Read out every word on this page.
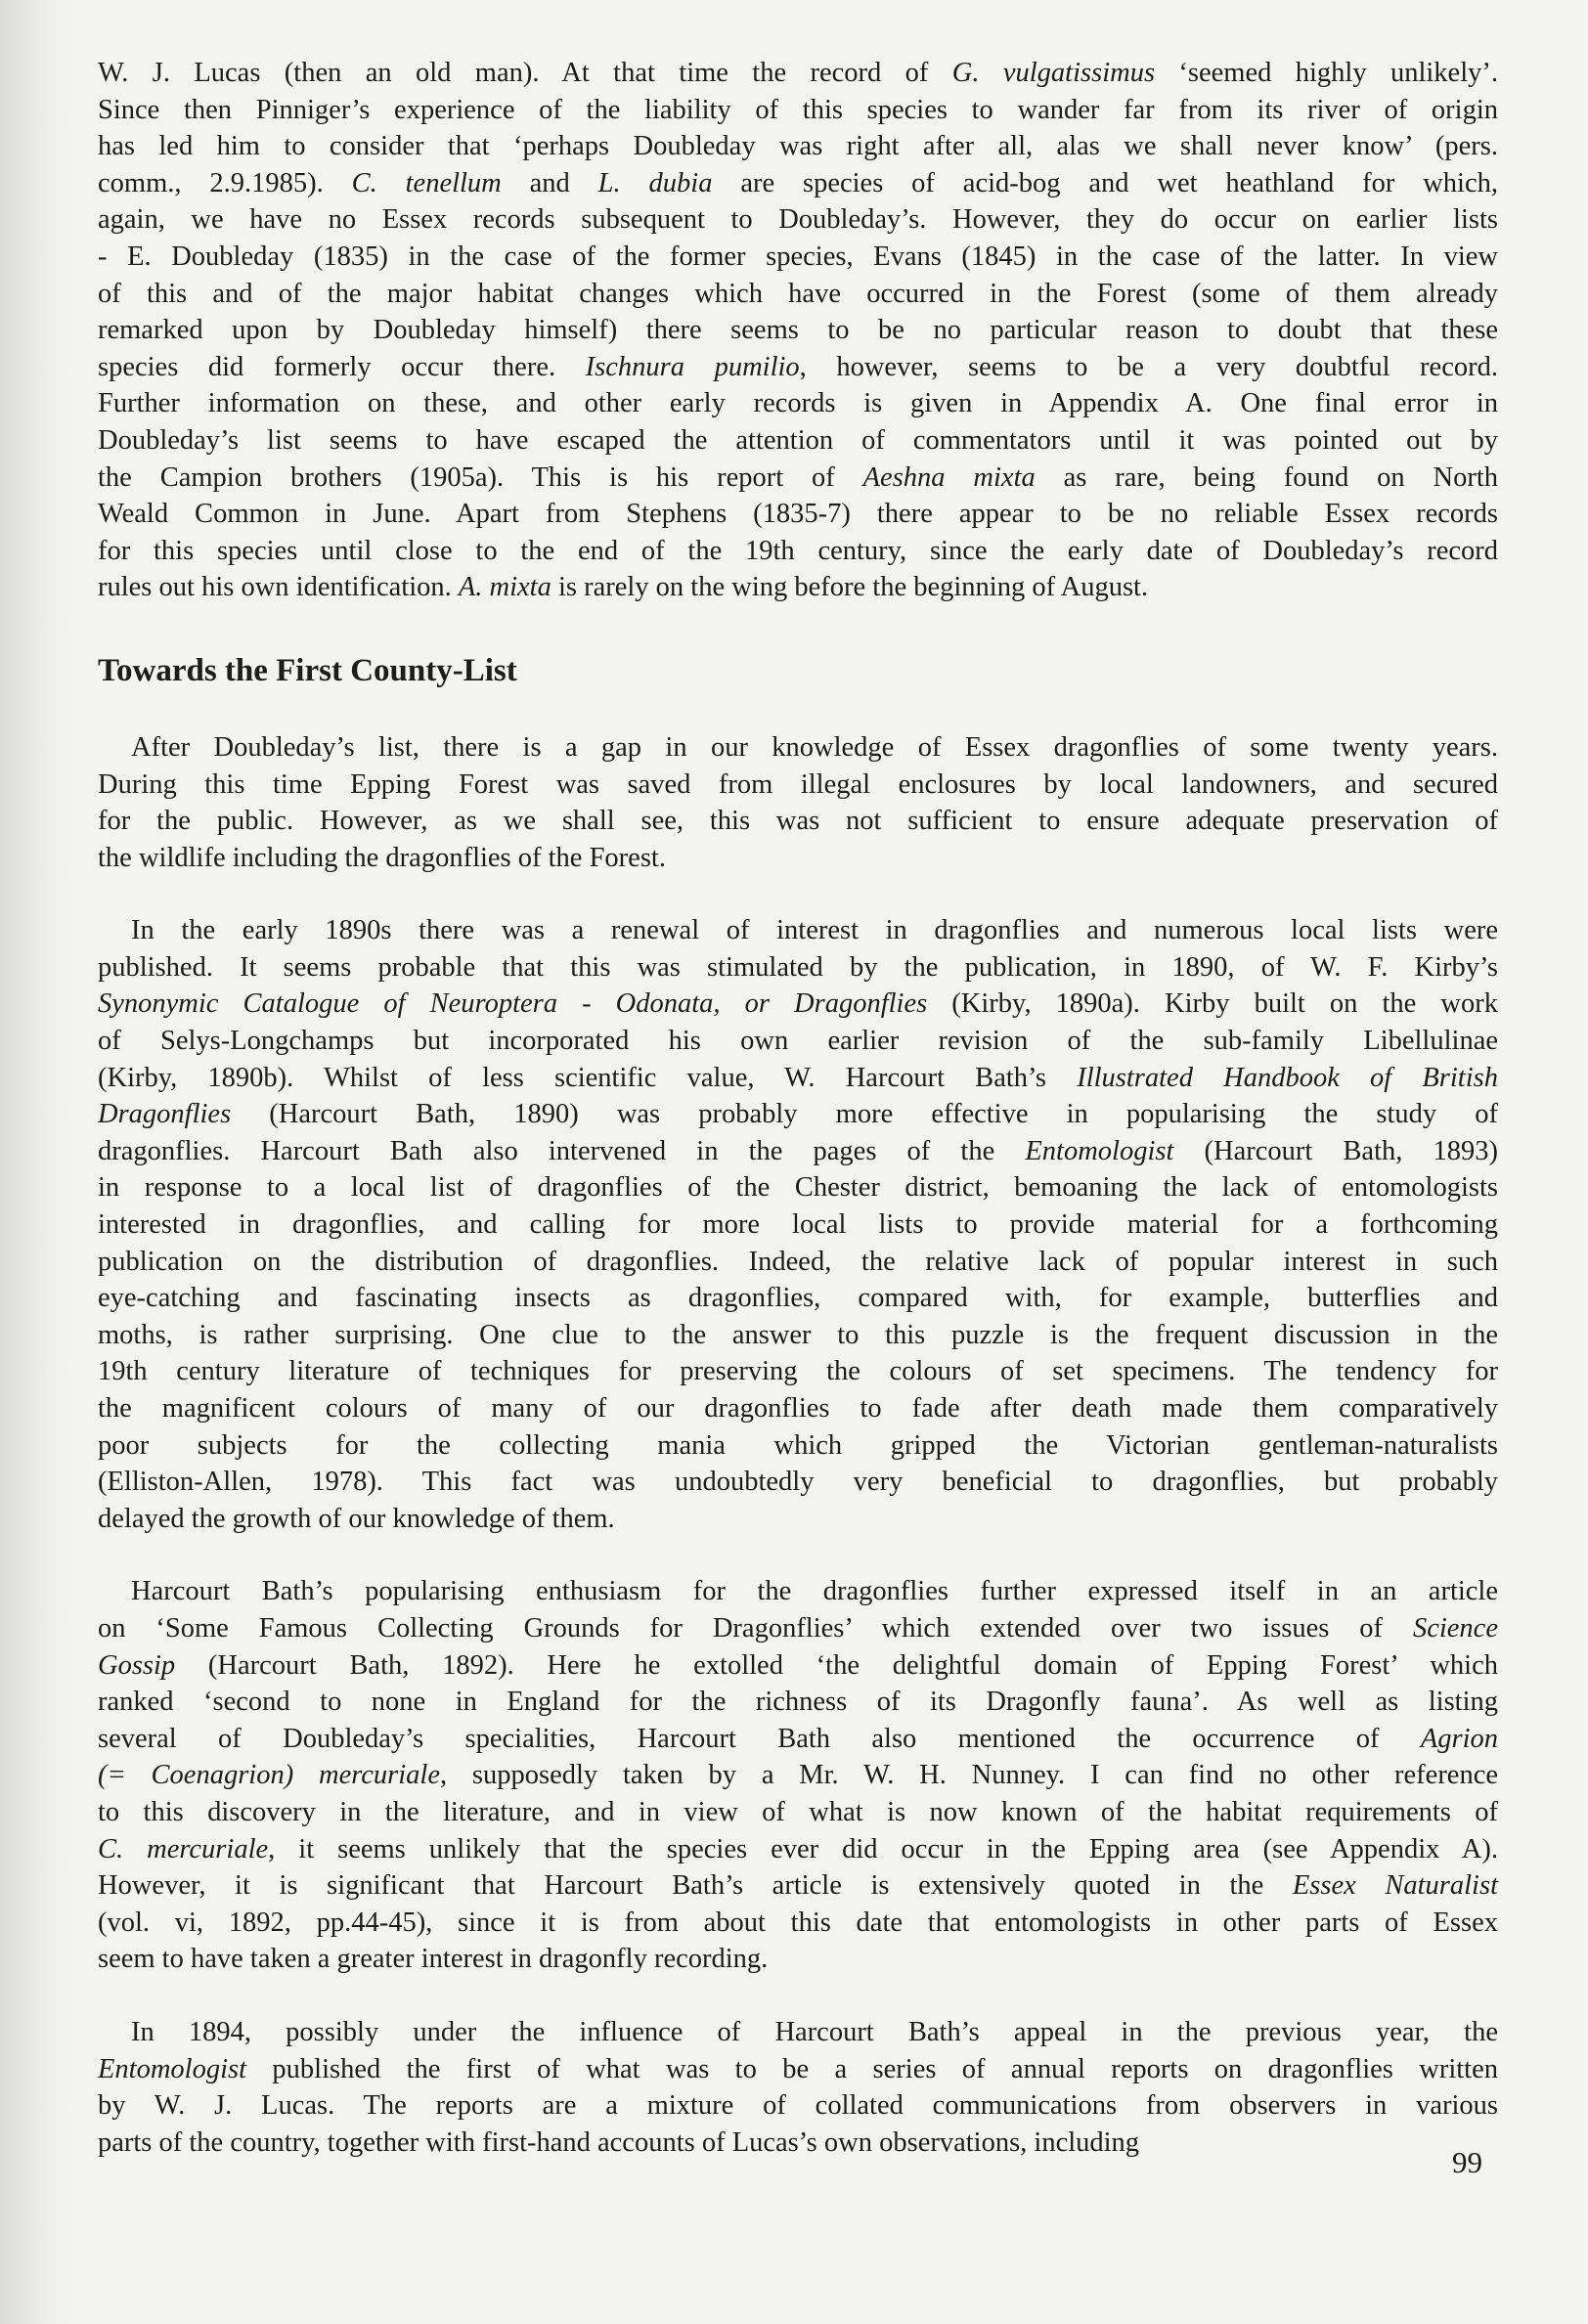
W. J. Lucas (then an old man). At that time the record of G. vulgatissimus ‘seemed highly unlikely’.
Since then Pinniger’s experience of the liability of this species to wander far from its river of origin
has led him to consider that ‘perhaps Doubleday was right after all, alas we shall never know’ (pers.
comm., 2.9.1985). C. tenellum and L. dubia are species of acid-bog and wet heathland for which,
again, we have no Essex records subsequent to Doubleday’s. However, they do occur on earlier lists
- E. Doubleday (1835) in the case of the former species, Evans (1845) in the case of the latter. In view
of this and of the major habitat changes which have occurred in the Forest (some of them already
remarked upon by Doubleday himself) there seems to be no particular reason to doubt that these
species did formerly occur there. Ischnura pumilio, however, seems to be a very doubtful record.
Further information on these, and other early records is given in Appendix A. One final error in
Doubleday’s list seems to have escaped the attention of commentators until it was pointed out by
the Campion brothers (1905a). This is his report of Aeshna mixta as rare, being found on North
Weald Common in June. Apart from Stephens (1835-7) there appear to be no reliable Essex records
for this species until close to the end of the 19th century, since the early date of Doubleday’s record
rules out his own identification. A. mixta is rarely on the wing before the beginning of August.

Towards the First County-List

After Doubleday’s list, there is a gap in our knowledge of Essex dragonflies of some twenty years.
During this time Epping Forest was saved from illegal enclosures by local landowners, and secured
for the public. However, as we shall see, this was not sufficient to ensure adequate preservation of
the wildlife including the dragonflies of the Forest.

In the early 1890s there was a renewal of interest in dragonflies and numerous local lists were
published. It seems probable that this was stimulated by the publication, in 1890, of W. F. Kirby’s
Synonymic Catalogue of Neuroptera - Odonata, or Dragonflies (Kirby, 1890a). Kirby built on the work
of Selys-Longchamps but incorporated his own earlier revision of the sub-family Libellulinae
(Kirby, 1890b). Whilst of less scientific value, W. Harcourt Bath’s Illustrated Handbook of British
Dragonflies (Harcourt Bath, 1890) was probably more effective in popularising the study of
dragonflies. Harcourt Bath also intervened in the pages of the Entomologist (Harcourt Bath, 1893)
in response to a local list of dragonflies of the Chester district, bemoaning the lack of entomologists
interested in dragonflies, and calling for more local lists to provide material for a forthcoming
publication on the distribution of dragonflies. Indeed, the relative lack of popular interest in such
eye-catching and fascinating insects as dragonflies, compared with, for example, butterflies and
moths, is rather surprising. One clue to the answer to this puzzle is the frequent discussion in the
19th century literature of techniques for preserving the colours of set specimens. The tendency for
the magnificent colours of many of our dragonflies to fade after death made them comparatively
poor subjects for the collecting mania which gripped the Victorian gentleman-naturalists
(Elliston-Allen, 1978). This fact was undoubtedly very beneficial to dragonflies, but probably
delayed the growth of our knowledge of them.

Harcourt Bath’s popularising enthusiasm for the dragonflies further expressed itself in an article
on ‘Some Famous Collecting Grounds for Dragonflies’ which extended over two issues of Science
Gossip (Harcourt Bath, 1892). Here he extolled ‘the delightful domain of Epping Forest’ which
ranked ‘second to none in England for the richness of its Dragonfly fauna’. As well as listing
several of Doubleday’s specialities, Harcourt Bath also mentioned the occurrence of Agrion
(= Coenagrion) mercuriale, supposedly taken by a Mr. W. H. Nunney. I can find no other reference
to this discovery in the literature, and in view of what is now known of the habitat requirements of
C. mercuriale, it seems unlikely that the species ever did occur in the Epping area (see Appendix A).
However, it is significant that Harcourt Bath’s article is extensively quoted in the Essex Naturalist
(vol. vi, 1892, pp.44-45), since it is from about this date that entomologists in other parts of Essex
seem to have taken a greater interest in dragonfly recording.

In 1894, possibly under the influence of Harcourt Bath’s appeal in the previous year, the
Entomologist published the first of what was to be a series of annual reports on dragonflies written
by W. J. Lucas. The reports are a mixture of collated communications from observers in various
parts of the country, together with first-hand accounts of Lucas’s own observations, including

99
